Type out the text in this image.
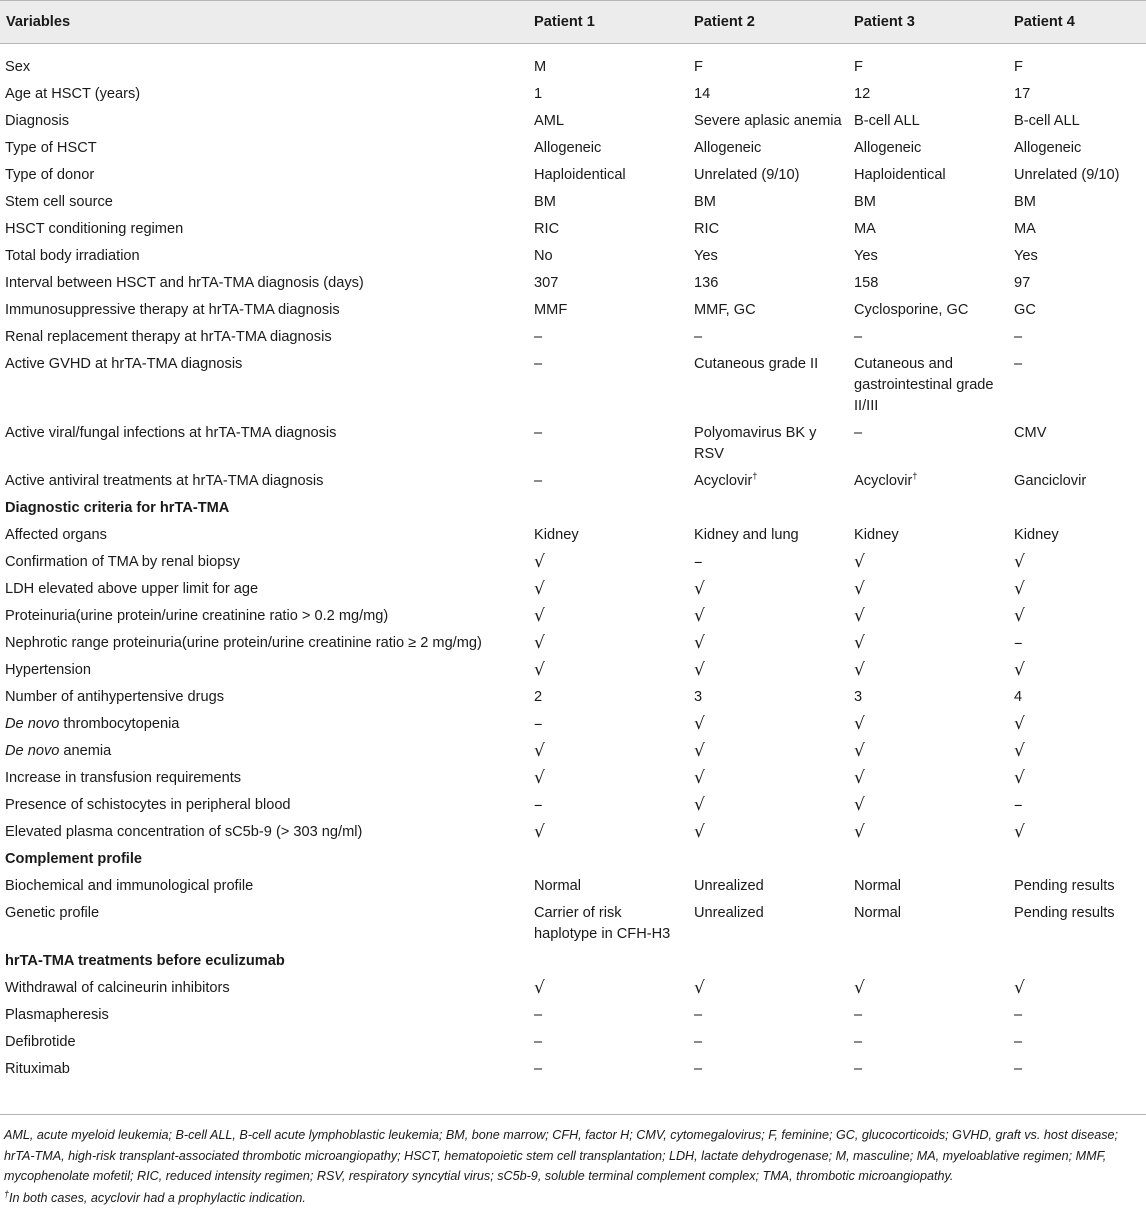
Variables	Patient 1	Patient 2	Patient 3	Patient 4

Sex	M	F	F	F
Age at HSCT (years)	1	14	12	17
Diagnosis	AML	Severe aplasic anemia	B-cell ALL	B-cell ALL
Type of HSCT	Allogeneic	Allogeneic	Allogeneic	Allogeneic
Type of donor	Haploidentical	Unrelated (9/10)	Haploidentical	Unrelated (9/10)
Stem cell source	BM	BM	BM	BM
HSCT conditioning regimen	RIC	RIC	MA	MA
Total body irradiation	No	Yes	Yes	Yes
Interval between HSCT and hrTA-TMA diagnosis (days)	307	136	158	97
Immunosuppressive therapy at hrTA-TMA diagnosis	MMF	MMF, GC	Cyclosporine, GC	GC
Renal replacement therapy at hrTA-TMA diagnosis	–	–	–	–
Active GVHD at hrTA-TMA diagnosis	–	Cutaneous grade II	Cutaneous and gastrointestinal grade II/III	–
Active viral/fungal infections at hrTA-TMA diagnosis	–	Polyomavirus BK y RSV	–	CMV
Active antiviral treatments at hrTA-TMA diagnosis	–	Acyclovir†	Acyclovir†	Ganciclovir
Diagnostic criteria for hrTA-TMA				
Affected organs	Kidney	Kidney and lung	Kidney	Kidney
Confirmation of TMA by renal biopsy	√	–	√	√
LDH elevated above upper limit for age	√	√	√	√
Proteinuria(urine protein/urine creatinine ratio > 0.2 mg/mg)	√	√	√	√
Nephrotic range proteinuria(urine protein/urine creatinine ratio ≥ 2 mg/mg)	√	√	√	–
Hypertension	√	√	√	√
Number of antihypertensive drugs	2	3	3	4
De novo thrombocytopenia	–	√	√	√
De novo anemia	√	√	√	√
Increase in transfusion requirements	√	√	√	√
Presence of schistocytes in peripheral blood	–	√	√	–
Elevated plasma concentration of sC5b-9 (> 303 ng/ml)	√	√	√	√
Complement profile				
Biochemical and immunological profile	Normal	Unrealized	Normal	Pending results
Genetic profile	Carrier of risk haplotype in CFH-H3	Unrealized	Normal	Pending results
hrTA-TMA treatments before eculizumab				
Withdrawal of calcineurin inhibitors	√	√	√	√
Plasmapheresis	–	–	–	–
Defibrotide	–	–	–	–
Rituximab	–	–	–	–

AML, acute myeloid leukemia; B-cell ALL, B-cell acute lymphoblastic leukemia; BM, bone marrow; CFH, factor H; CMV, cytomegalovirus; F, feminine; GC, glucocorticoids; GVHD, graft vs. host disease; hrTA-TMA, high-risk transplant-associated thrombotic microangiopathy; HSCT, hematopoietic stem cell transplantation; LDH, lactate dehydrogenase; M, masculine; MA, myeloablative regimen; MMF, mycophenolate mofetil; RIC, reduced intensity regimen; RSV, respiratory syncytial virus; sC5b-9, soluble terminal complement complex; TMA, thrombotic microangiopathy.

†In both cases, acyclovir had a prophylactic indication.
